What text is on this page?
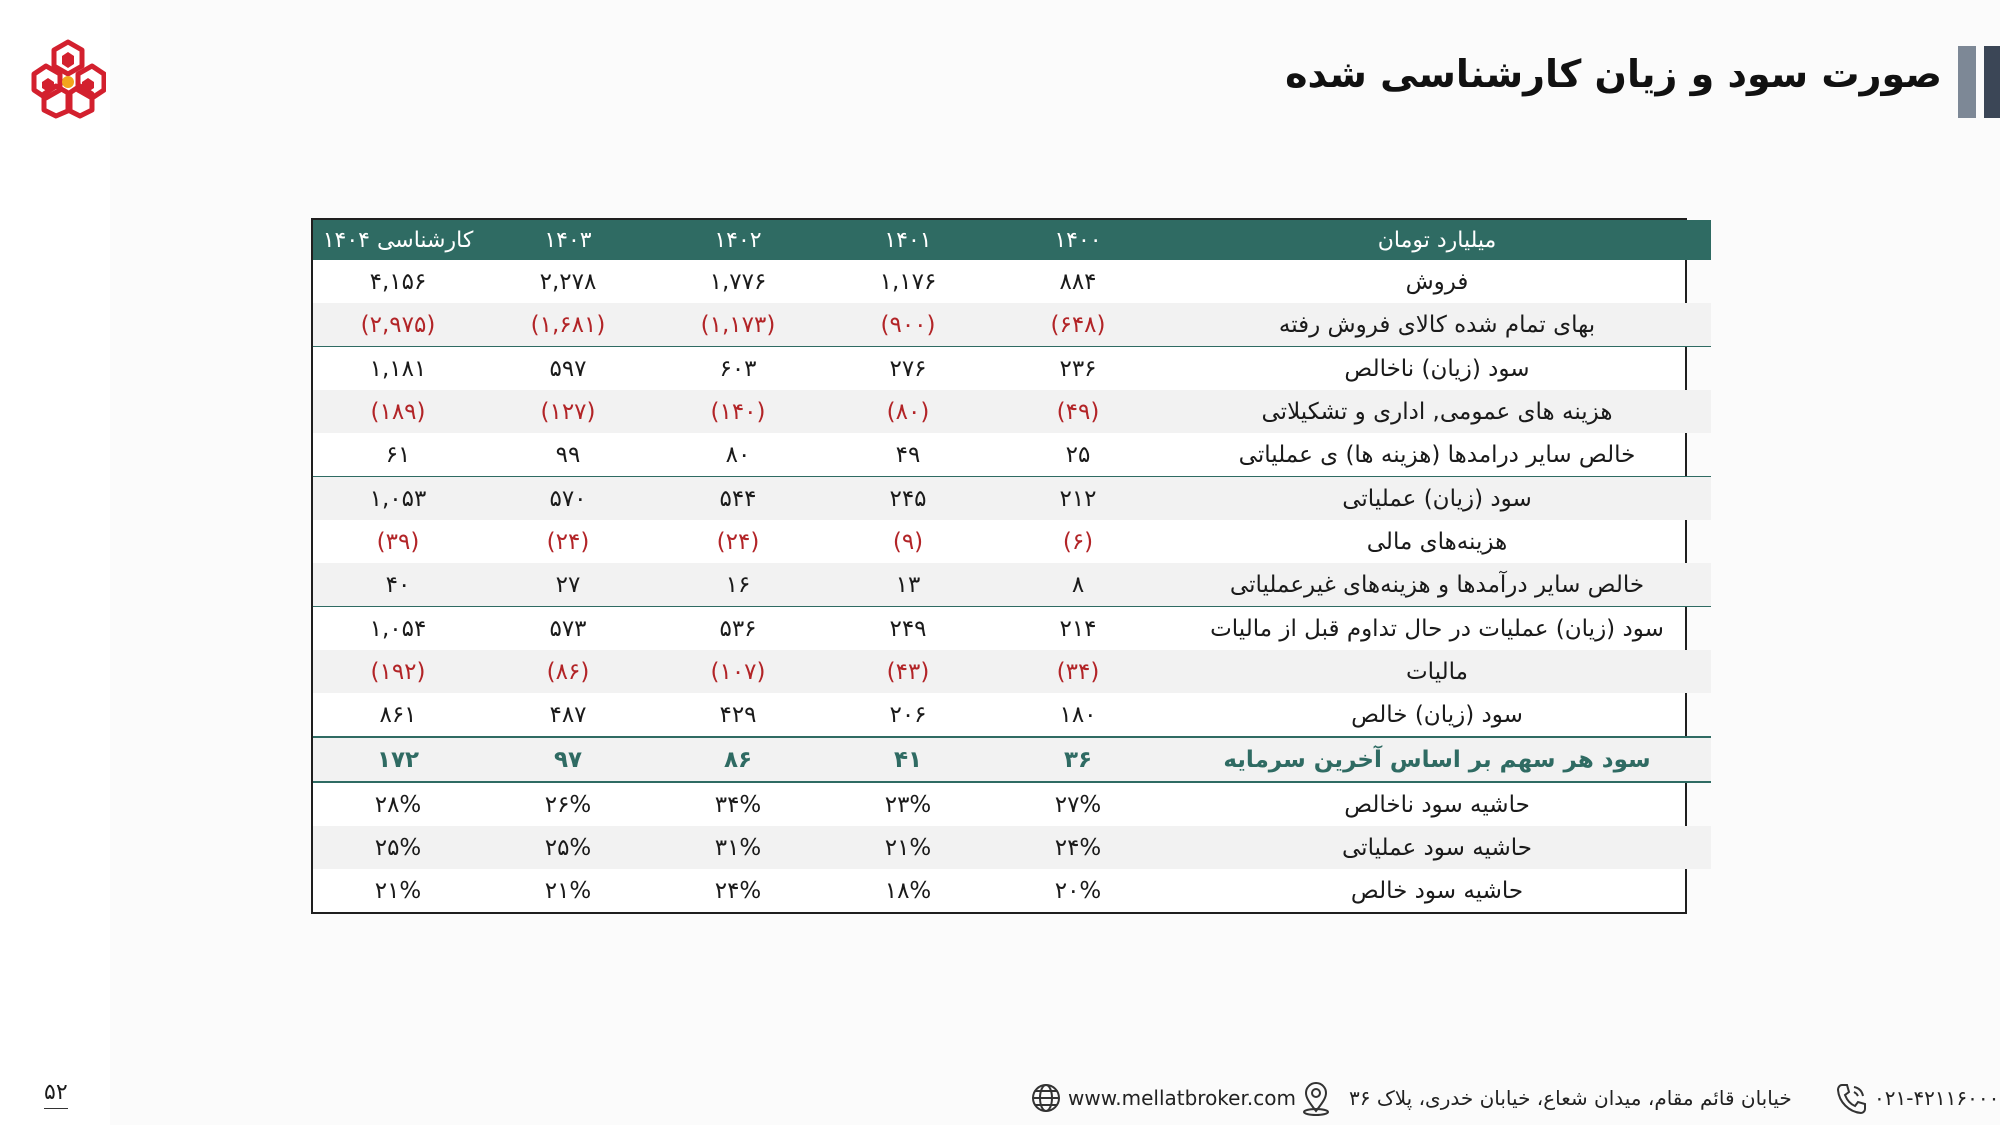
صورت سود و زیان کارشناسی شده
میلیارد تومان	۱۴۰۰	۱۴۰۱	۱۴۰۲	۱۴۰۳	کارشناسی ۱۴۰۴
فروش	۸۸۴	۱,۱۷۶	۱,۷۷۶	۲,۲۷۸	۴,۱۵۶
بهای تمام شده کالای فروش رفته	(۶۴۸)	(۹۰۰)	(۱,۱۷۳)	(۱,۶۸۱)	(۲,۹۷۵)
سود (زیان) ناخالص	۲۳۶	۲۷۶	۶۰۳	۵۹۷	۱,۱۸۱
هزینه های عمومی, اداری و تشکیلاتی	(۴۹)	(۸۰)	(۱۴۰)	(۱۲۷)	(۱۸۹)
خالص سایر درامدها (هزینه ها) ی عملیاتی	۲۵	۴۹	۸۰	۹۹	۶۱
سود (زیان) عملیاتی	۲۱۲	۲۴۵	۵۴۴	۵۷۰	۱,۰۵۳
هزینه‌های مالی	(۶)	(۹)	(۲۴)	(۲۴)	(۳۹)
خالص سایر درآمدها و هزینه‌های غیرعملیاتی	۸	۱۳	۱۶	۲۷	۴۰
سود (زیان) عملیات در حال تداوم قبل از مالیات	۲۱۴	۲۴۹	۵۳۶	۵۷۳	۱,۰۵۴
مالیات	(۳۴)	(۴۳)	(۱۰۷)	(۸۶)	(۱۹۲)
سود (زیان) خالص	۱۸۰	۲۰۶	۴۲۹	۴۸۷	۸۶۱
سود هر سهم بر اساس آخرین سرمایه	۳۶	۴۱	۸۶	۹۷	۱۷۲
حاشیه سود ناخالص	۲۷%	۲۳%	۳۴%	۲۶%	۲۸%
حاشیه سود عملیاتی	۲۴%	۲۱%	۳۱%	۲۵%	۲۵%
حاشیه سود خالص	۲۰%	۱۸%	۲۴%	۲۱%	۲۱%
۵۲	www.mellatbroker.com	خیابان قائم مقام، میدان شعاع، خیابان خدری، پلاک ۳۶	۰۲۱-۴۲۱۱۶۰۰۰
